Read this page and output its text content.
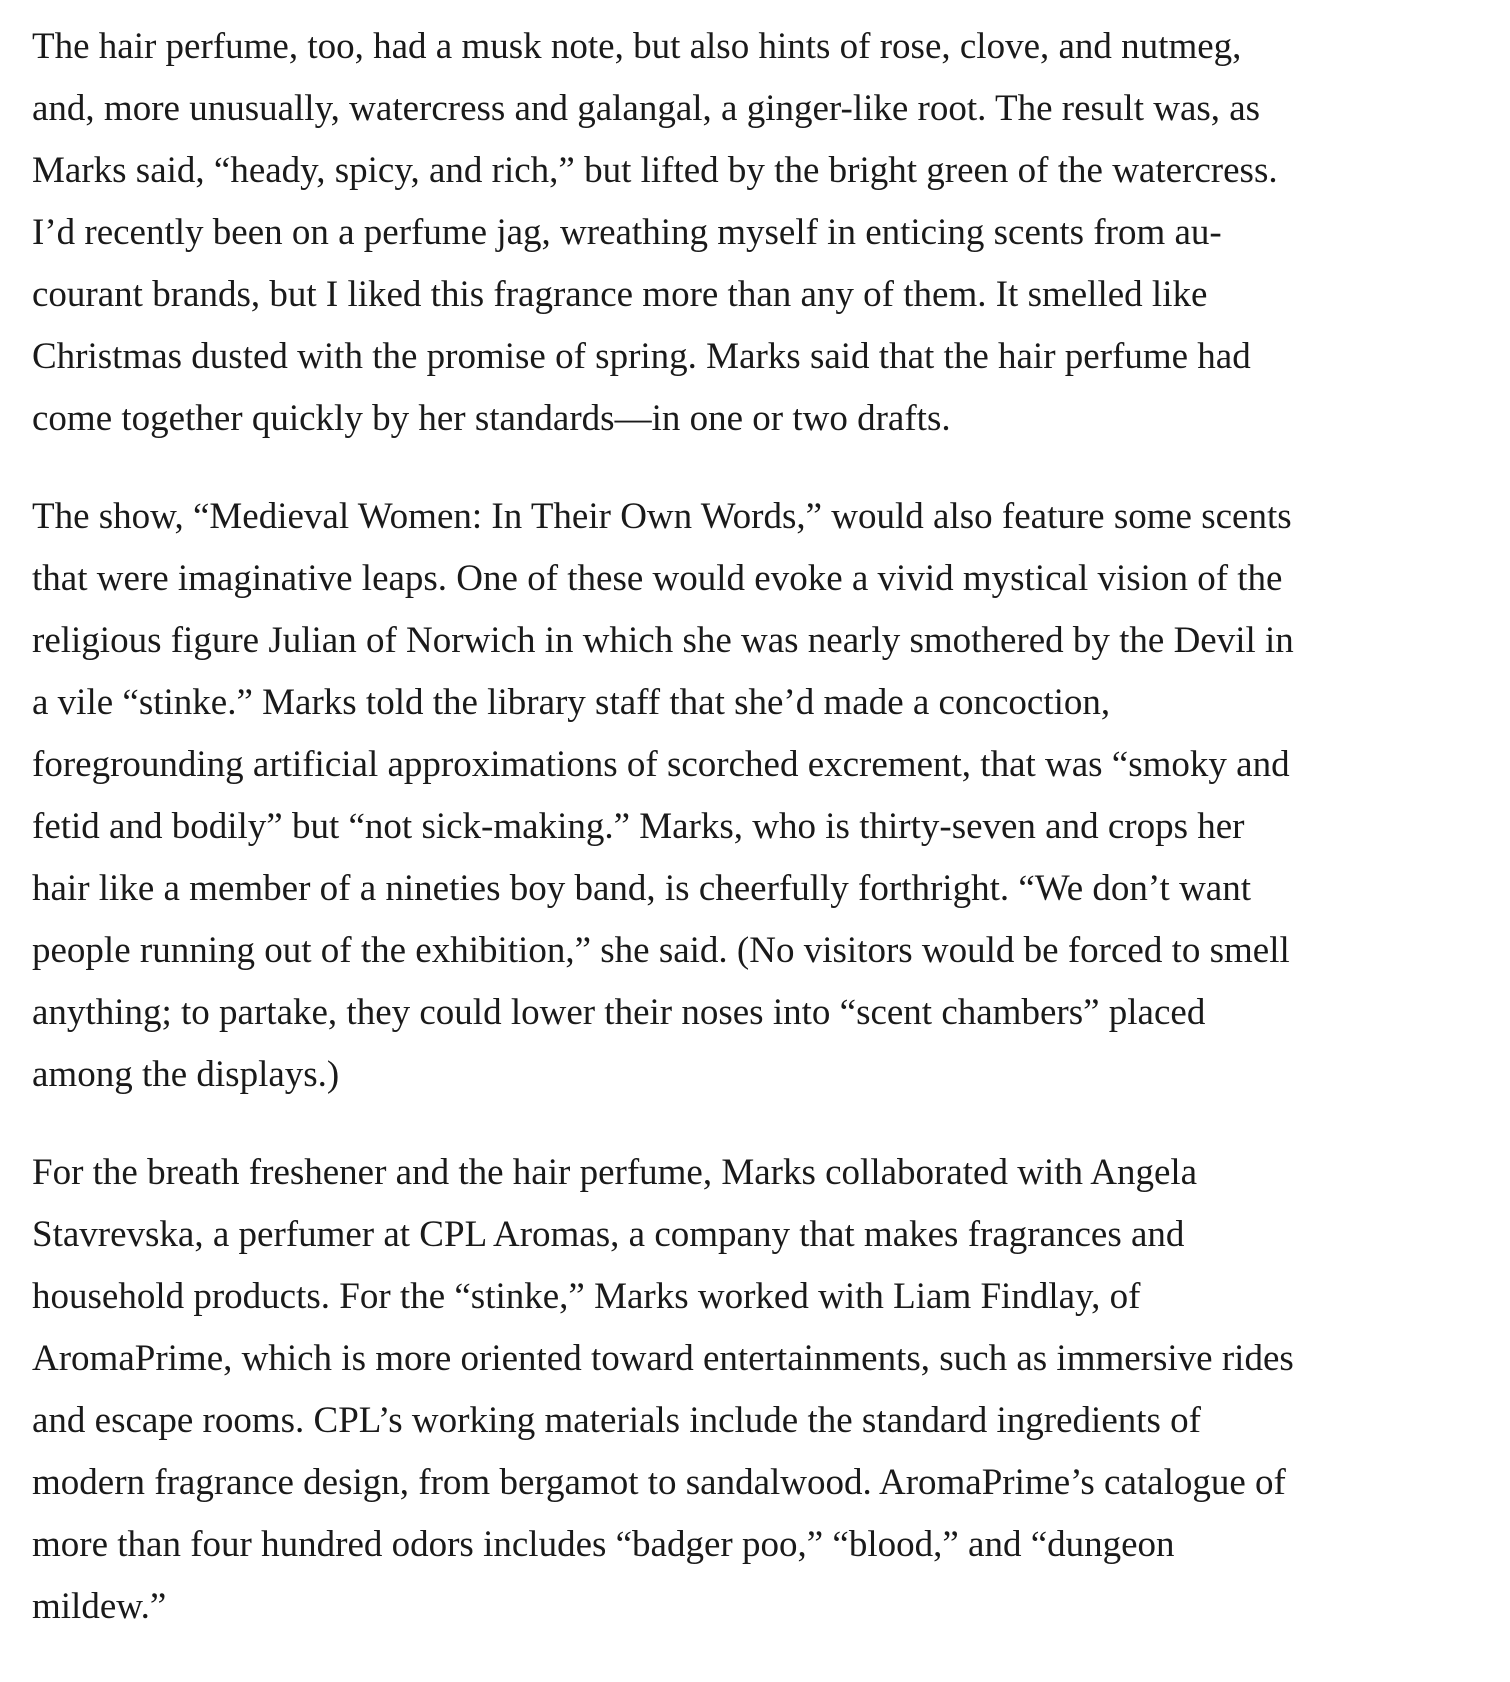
The hair perfume, too, had a musk note, but also hints of rose, clove, and nutmeg,
and, more unusually, watercress and galangal, a ginger-like root. The result was, as
Marks said, “heady, spicy, and rich,” but lifted by the bright green of the watercress.
I’d recently been on a perfume jag, wreathing myself in enticing scents from au-
courant brands, but I liked this fragrance more than any of them. It smelled like
Christmas dusted with the promise of spring. Marks said that the hair perfume had
come together quickly by her standards—in one or two drafts.

The show, “Medieval Women: In Their Own Words,” would also feature some scents
that were imaginative leaps. One of these would evoke a vivid mystical vision of the
religious figure Julian of Norwich in which she was nearly smothered by the Devil in
a vile “stinke.” Marks told the library staff that she’d made a concoction,
foregrounding artificial approximations of scorched excrement, that was “smoky and
fetid and bodily” but “not sick-making.” Marks, who is thirty-seven and crops her
hair like a member of a nineties boy band, is cheerfully forthright. “We don’t want
people running out of the exhibition,” she said. (No visitors would be forced to smell
anything; to partake, they could lower their noses into “scent chambers” placed
among the displays.)

For the breath freshener and the hair perfume, Marks collaborated with Angela
Stavrevska, a perfumer at CPL Aromas, a company that makes fragrances and
household products. For the “stinke,” Marks worked with Liam Findlay, of
AromaPrime, which is more oriented toward entertainments, such as immersive rides
and escape rooms. CPL’s working materials include the standard ingredients of
modern fragrance design, from bergamot to sandalwood. AromaPrime’s catalogue of
more than four hundred odors includes “badger poo,” “blood,” and “dungeon
mildew.”
